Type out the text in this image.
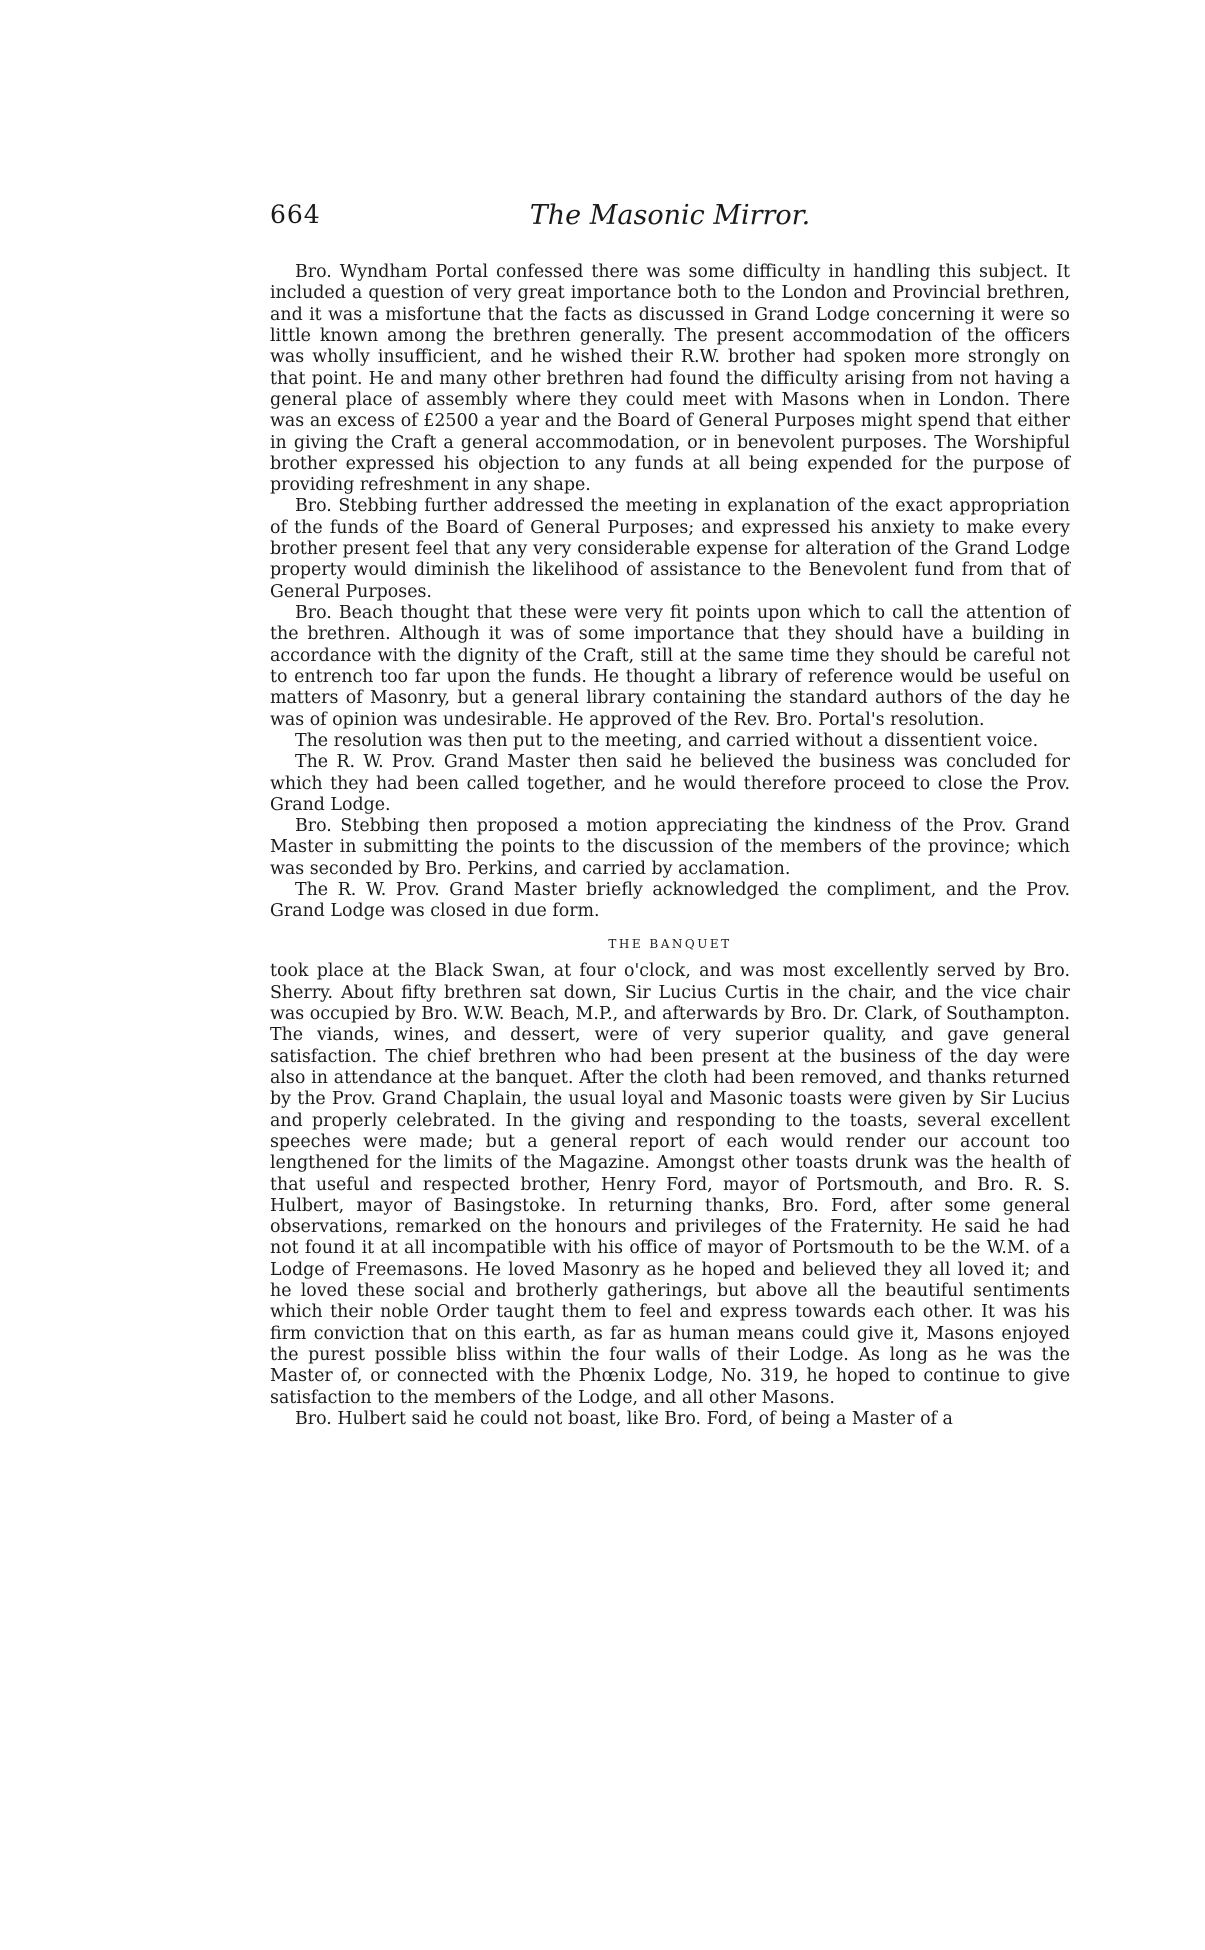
664	The Masonic Mirror.

Bro. Wyndham Portal confessed there was some difficulty in handling this subject. It included a question of very great importance both to the London and Provincial brethren, and it was a misfortune that the facts as discussed in Grand Lodge concerning it were so little known among the brethren generally. The present accommodation of the officers was wholly insufficient, and he wished their R.W. brother had spoken more strongly on that point. He and many other brethren had found the difficulty arising from not having a general place of assembly where they could meet with Masons when in London. There was an excess of £2500 a year and the Board of General Purposes might spend that either in giving the Craft a general accommodation, or in benevolent purposes. The Worshipful brother expressed his objection to any funds at all being expended for the purpose of providing refreshment in any shape.

Bro. Stebbing further addressed the meeting in explanation of the exact appropriation of the funds of the Board of General Purposes; and expressed his anxiety to make every brother present feel that any very considerable expense for alteration of the Grand Lodge property would diminish the likelihood of assistance to the Benevolent fund from that of General Purposes.

Bro. Beach thought that these were very fit points upon which to call the attention of the brethren. Although it was of some importance that they should have a building in accordance with the dignity of the Craft, still at the same time they should be careful not to entrench too far upon the funds. He thought a library of reference would be useful on matters of Masonry, but a general library containing the standard authors of the day he was of opinion was undesirable. He approved of the Rev. Bro. Portal's resolution.

The resolution was then put to the meeting, and carried without a dissentient voice.

The R. W. Prov. Grand Master then said he believed the business was concluded for which they had been called together, and he would therefore proceed to close the Prov. Grand Lodge.

Bro. Stebbing then proposed a motion appreciating the kindness of the Prov. Grand Master in submitting the points to the discussion of the members of the province; which was seconded by Bro. Perkins, and carried by acclamation.

The R. W. Prov. Grand Master briefly acknowledged the compliment, and the Prov. Grand Lodge was closed in due form.

THE BANQUET

took place at the Black Swan, at four o'clock, and was most excellently served by Bro. Sherry. About fifty brethren sat down, Sir Lucius Curtis in the chair, and the vice chair was occupied by Bro. W.W. Beach, M.P., and afterwards by Bro. Dr. Clark, of Southampton. The viands, wines, and dessert, were of very superior quality, and gave general satisfaction. The chief brethren who had been present at the business of the day were also in attendance at the banquet. After the cloth had been removed, and thanks returned by the Prov. Grand Chaplain, the usual loyal and Masonic toasts were given by Sir Lucius and properly celebrated. In the giving and responding to the toasts, several excellent speeches were made; but a general report of each would render our account too lengthened for the limits of the Magazine. Amongst other toasts drunk was the health of that useful and respected brother, Henry Ford, mayor of Portsmouth, and Bro. R. S. Hulbert, mayor of Basingstoke. In returning thanks, Bro. Ford, after some general observations, remarked on the honours and privileges of the Fraternity. He said he had not found it at all incompatible with his office of mayor of Portsmouth to be the W.M. of a Lodge of Freemasons. He loved Masonry as he hoped and believed they all loved it; and he loved these social and brotherly gatherings, but above all the beautiful sentiments which their noble Order taught them to feel and express towards each other. It was his firm conviction that on this earth, as far as human means could give it, Masons enjoyed the purest possible bliss within the four walls of their Lodge. As long as he was the Master of, or connected with the Phœnix Lodge, No. 319, he hoped to continue to give satisfaction to the members of the Lodge, and all other Masons.

Bro. Hulbert said he could not boast, like Bro. Ford, of being a Master of a
